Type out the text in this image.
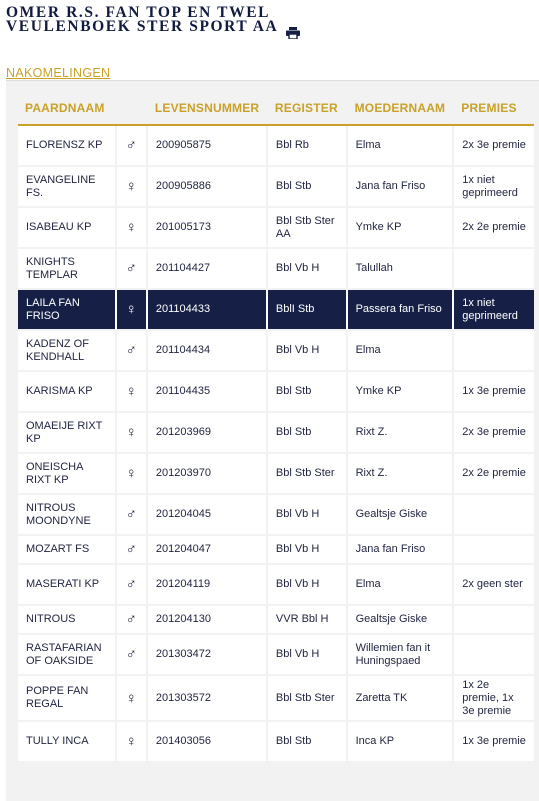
OMER R.S. FAN TOP EN TWEL VEULENBOEK STER SPORT AA
NAKOMELINGEN
PAARDNAAM		LEVENSNUMMER	REGISTER	MOEDERNAAM	PREMIES
FLORENSZ KP	♂	200905875	Bbl Rb	Elma	2x 3e premie
EVANGELINE FS.	♀	200905886	Bbl Stb	Jana fan Friso	1x niet geprimeerd
ISABEAU KP	♀	201005173	Bbl Stb Ster AA	Ymke KP	2x 2e premie
KNIGHTS TEMPLAR	♂	201104427	Bbl Vb H	Talullah	
LAILA FAN FRISO	♀	201104433	BblI Stb	Passera fan Friso	1x niet geprimeerd
KADENZ OF KENDHALL	♂	201104434	Bbl Vb H	Elma	
KARISMA KP	♀	201104435	Bbl Stb	Ymke KP	1x 3e premie
OMAEIJE RIXT KP	♀	201203969	Bbl Stb	Rixt Z.	2x 3e premie
ONEISCHA RIXT KP	♀	201203970	Bbl Stb Ster	Rixt Z.	2x 2e premie
NITROUS MOONDYNE	♂	201204045	Bbl Vb H	Gealtsje Giske	
MOZART FS	♂	201204047	Bbl Vb H	Jana fan Friso	
MASERATI KP	♂	201204119	Bbl Vb H	Elma	2x geen ster
NITROUS	♂	201204130	VVR Bbl H	Gealtsje Giske	
RASTAFARIAN OF OAKSIDE	♂	201303472	Bbl Vb H	Willemien fan it Huningspaed	
POPPE FAN REGAL	♀	201303572	Bbl Stb Ster	Zaretta TK	1x 2e premie, 1x 3e premie
TULLY INCA	♀	201403056	Bbl Stb	Inca KP	1x 3e premie
